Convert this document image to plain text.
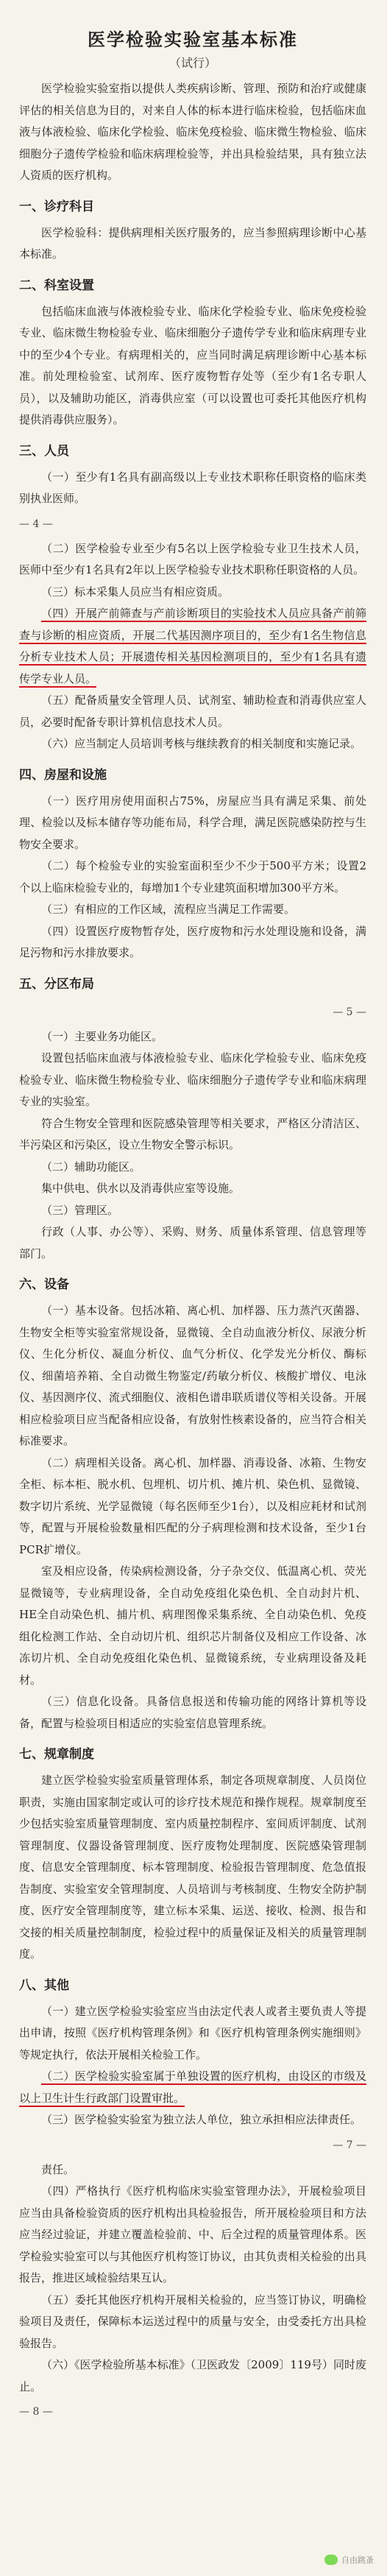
医学检验实验室基本标准
（试行）

医学检验实验室指以提供人类疾病诊断、管理、预防和治疗或健康评估的相关信息为目的，对来自人体的标本进行临床检验，包括临床血液与体液检验、临床化学检验、临床免疫检验、临床微生物检验、临床细胞分子遗传学检验和临床病理检验等，并出具检验结果，具有独立法人资质的医疗机构。

一、诊疗科目

医学检验科：提供病理相关医疗服务的，应当参照病理诊断中心基本标准。

二、科室设置

包括临床血液与体液检验专业、临床化学检验专业、临床免疫检验专业、临床微生物检验专业、临床细胞分子遗传学专业和临床病理专业中的至少4个专业。有病理相关的，应当同时满足病理诊断中心基本标准。前处理检验室、试剂库、医疗废物暂存处等（至少有1名专职人员），以及辅助功能区，消毒供应室（可以设置也可委托其他医疗机构提供消毒供应服务）。

三、人员

（一）至少有1名具有副高级以上专业技术职称任职资格的临床类别执业医师。

— 4 —

（二）医学检验专业至少有5名以上医学检验专业卫生技术人员，医师中至少有1名具有2年以上医学检验专业技术职称任职资格的人员。

（三）标本采集人员应当有相应资质。

（四）开展产前筛查与产前诊断项目的实验技术人员应具备产前筛查与诊断的相应资质，开展二代基因测序项目的，至少有1名生物信息分析专业技术人员；开展遗传相关基因检测项目的，至少有1名具有遗传学专业人员。

（五）配备质量安全管理人员、试剂室、辅助检查和消毒供应室人员，必要时配备专职计算机信息技术人员。

（六）应当制定人员培训考核与继续教育的相关制度和实施记录。

四、房屋和设施

（一）医疗用房使用面积占75%，房屋应当具有满足采集、前处理、检验以及标本储存等功能布局，科学合理，满足医院感染防控与生物安全要求。

（二）每个检验专业的实验室面积至少不少于500平方米；设置2个以上临床检验专业的，每增加1个专业建筑面积增加300平方米。

（三）有相应的工作区域，流程应当满足工作需要。

（四）设置医疗废物暂存处，医疗废物和污水处理设施和设备，满足污物和污水排放要求。

五、分区布局
— 5 —

（一）主要业务功能区。

设置包括临床血液与体液检验专业、临床化学检验专业、临床免疫检验专业、临床微生物检验专业、临床细胞分子遗传学专业和临床病理专业的实验室。

符合生物安全管理和医院感染管理等相关要求，严格区分清洁区、半污染区和污染区，设立生物安全警示标识。

（二）辅助功能区。

集中供电、供水以及消毒供应室等设施。

（三）管理区。

行政（人事、办公等）、采购、财务、质量体系管理、信息管理等部门。

六、设备

（一）基本设备。包括冰箱、离心机、加样器、压力蒸汽灭菌器、生物安全柜等实验室常规设备，显微镜、全自动血液分析仪、尿液分析仪、生化分析仪、凝血分析仪、血气分析仪、化学发光分析仪、酶标仪、细菌培养箱、全自动微生物鉴定/药敏分析仪、核酸扩增仪、电泳仪、基因测序仪、流式细胞仪、液相色谱串联质谱仪等相关设备。开展相应检验项目应当配备相应设备，有放射性核素设备的，应当符合相关标准要求。

（二）病理相关设备。离心机、加样器、消毒设备、冰箱、生物安全柜、标本柜、脱水机、包埋机、切片机、摊片机、染色机、显微镜、数字切片系统、光学显微镜（每名医师至少1台），以及相应耗材和试剂等，配置与开展检验数量相匹配的分子病理检测和技术设备，至少1台PCR扩增仪。

室及相应设备，传染病检测设备，分子杂交仪、低温离心机、荧光显微镜等，专业病理设备，全自动免疫组化染色机、全自动封片机、HE全自动染色机、捕片机、病理图像采集系统、全自动染色机、免疫组化检测工作站、全自动切片机、组织芯片制备仪及相应工作设备、冰冻切片机、全自动免疫组化染色机、显微镜系统，专业病理设备及耗材。

（三）信息化设备。具备信息报送和传输功能的网络计算机等设备，配置与检验项目相适应的实验室信息管理系统。

七、规章制度

建立医学检验实验室质量管理体系，制定各项规章制度、人员岗位职责，实施由国家制定或认可的诊疗技术规范和操作规程。规章制度至少包括实验室质量管理制度、室内质量控制程序、室间质评制度、试剂管理制度、仪器设备管理制度、医疗废物处理制度、医院感染管理制度、信息安全管理制度、标本管理制度、检验报告管理制度、危急值报告制度、实验室安全管理制度、人员培训与考核制度、生物安全防护制度、医疗安全管理制度等，建立标本采集、运送、接收、检测、报告和交接的相关质量控制制度，检验过程中的质量保证及相关的质量管理制度。

八、其他

（一）建立医学检验实验室应当由法定代表人或者主要负责人等提出申请，按照《医疗机构管理条例》和《医疗机构管理条例实施细则》等规定执行，依法开展相关检验工作。

（二）医学检验实验室属于单独设置的医疗机构，由设区的市级及以上卫生计生行政部门设置审批。

（三）医学检验实验室为独立法人单位，独立承担相应法律责任。

— 7 —

责任。

（四）严格执行《医疗机构临床实验室管理办法》，开展检验项目应当由具备检验资质的医疗机构出具检验报告，所开展检验项目和方法应当经过验证，并建立覆盖检验前、中、后全过程的质量管理体系。医学检验实验室可以与其他医疗机构签订协议，由其负责相关检验的出具报告，推进区域检验结果互认。

（五）委托其他医疗机构开展相关检验的，应当签订协议，明确检验项目及责任，保障标本运送过程中的质量与安全，由受委托方出具检验报告。

（六）《医学检验所基本标准》（卫医政发〔2009〕119号）同时废止。

— 8 —
自由跳蚤
